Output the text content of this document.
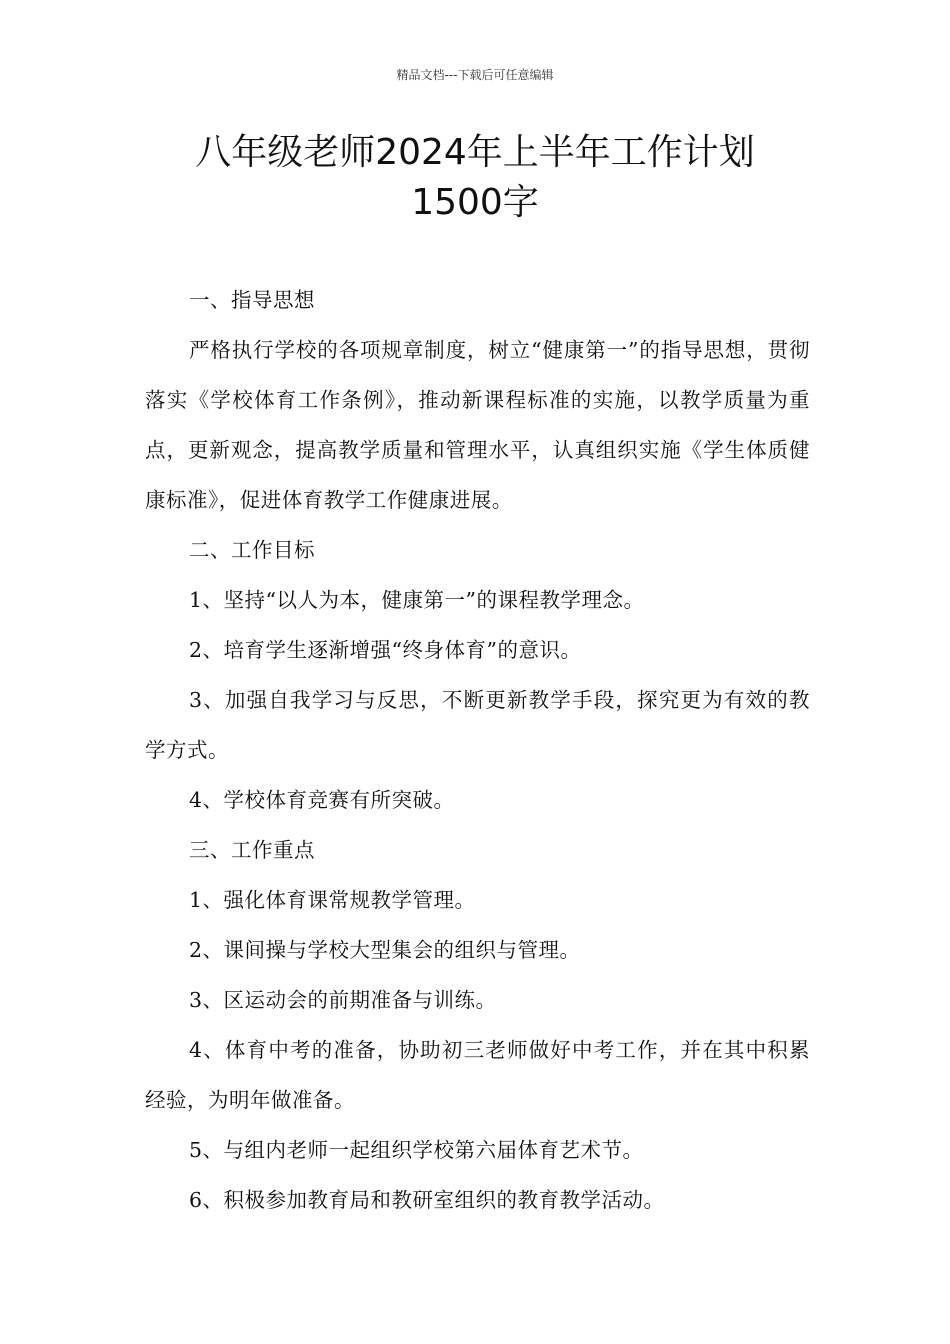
精品文档---下载后可任意编辑
八年级老师2024年上半年工作计划
1500字

一、指导思想

严格执行学校的各项规章制度，树立“健康第一”的指导思想，贯彻落实《学校体育工作条例》，推动新课程标准的实施，以教学质量为重点，更新观念，提高教学质量和管理水平，认真组织实施《学生体质健康标准》，促进体育教学工作健康进展。

二、工作目标

1、坚持“以人为本，健康第一”的课程教学理念。

2、培育学生逐渐增强“终身体育”的意识。

3、加强自我学习与反思，不断更新教学手段，探究更为有效的教学方式。

4、学校体育竞赛有所突破。

三、工作重点

1、强化体育课常规教学管理。

2、课间操与学校大型集会的组织与管理。

3、区运动会的前期准备与训练。

4、体育中考的准备，协助初三老师做好中考工作，并在其中积累经验，为明年做准备。

5、与组内老师一起组织学校第六届体育艺术节。

6、积极参加教育局和教研室组织的教育教学活动。
